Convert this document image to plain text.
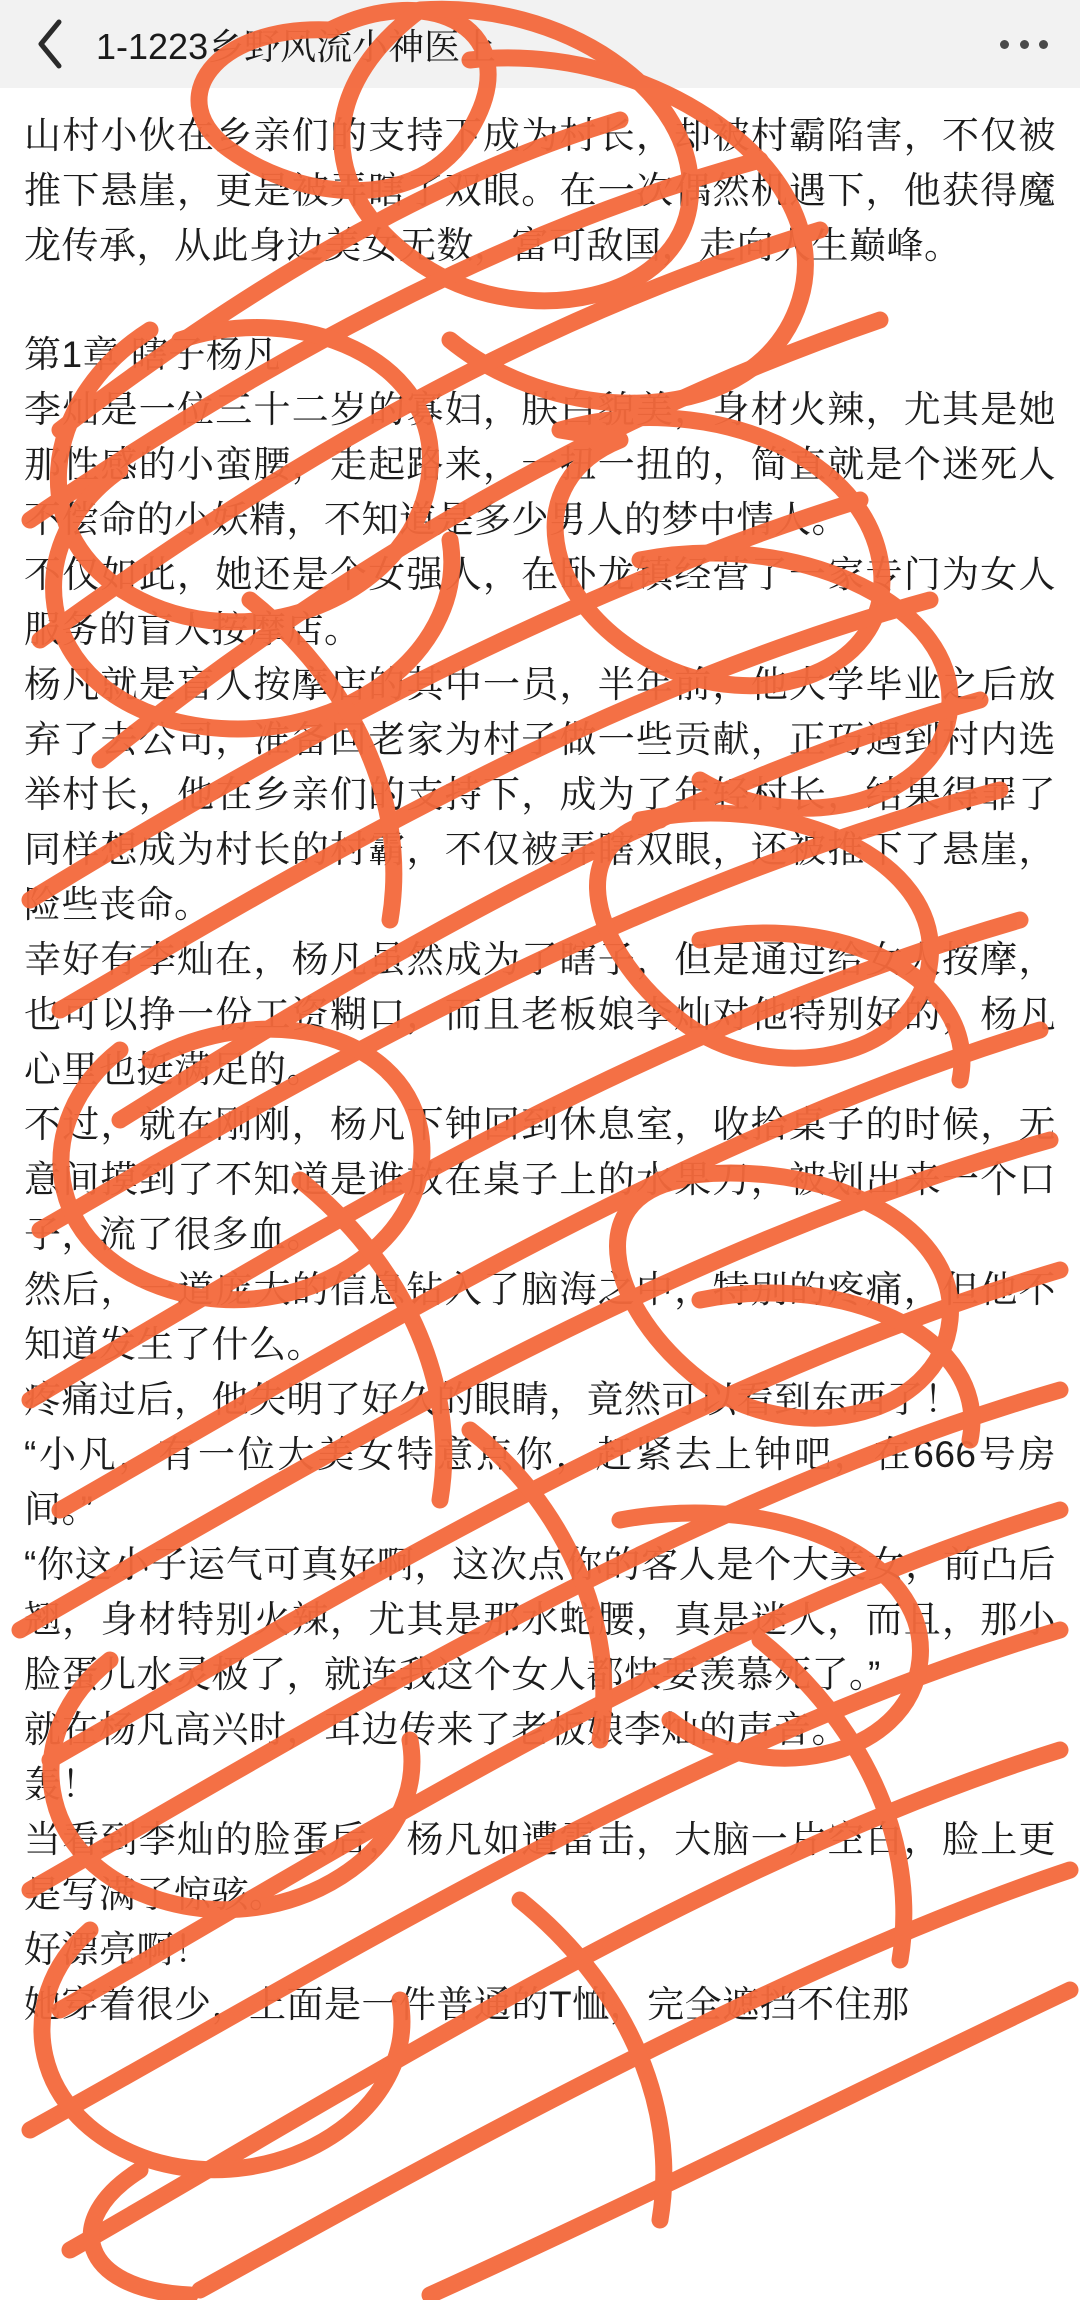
1-1223乡野风流小神医上

山村小伙在乡亲们的支持下成为村长，却被村霸陷害，不仅被推下悬崖，更是被弄瞎了双眼。在一次偶然机遇下，他获得魔龙传承，从此身边美女无数，富可敌国，走向人生巅峰。

第1章 瞎子杨凡

李灿是一位三十二岁的寡妇，肤白貌美，身材火辣，尤其是她那性感的小蛮腰，走起路来，一扭一扭的，简直就是个迷死人不偿命的小妖精，不知道是多少男人的梦中情人。

不仅如此，她还是个女强人，在卧龙镇经营了一家专门为女人服务的盲人按摩店。

杨凡就是盲人按摩店的其中一员，半年前，他大学毕业之后放弃了去公司，准备回老家为村子做一些贡献，正巧遇到村内选举村长，他在乡亲们的支持下，成为了年轻村长，结果得罪了同样想成为村长的村霸，不仅被弄瞎双眼，还被推下了悬崖，险些丧命。

幸好有李灿在，杨凡虽然成为了瞎子，但是通过给女人按摩，也可以挣一份工资糊口，而且老板娘李灿对他特别好的，杨凡心里也挺满足的。

不过，就在刚刚，杨凡下钟回到休息室，收拾桌子的时候，无意间摸到了不知道是谁放在桌子上的水果刀，被划出来一个口子，流了很多血。

然后，一道庞大的信息钻入了脑海之中，特别的疼痛，但他不知道发生了什么。

疼痛过后，他失明了好久的眼睛，竟然可以看到东西了！

“小凡，有一位大美女特意点你，赶紧去上钟吧，在666号房间。”

“你这小子运气可真好啊，这次点你的客人是个大美女，前凸后翘，身材特别火辣，尤其是那水蛇腰，真是迷人，而且，那小脸蛋儿水灵极了，就连我这个女人都快要羡慕死了。”

就在杨凡高兴时，耳边传来了老板娘李灿的声音。

轰！

当看到李灿的脸蛋后，杨凡如遭雷击，大脑一片空白，脸上更是写满了惊骇。

好漂亮啊！

她穿着很少，上面是一件普通的T恤，完全遮挡不住那
